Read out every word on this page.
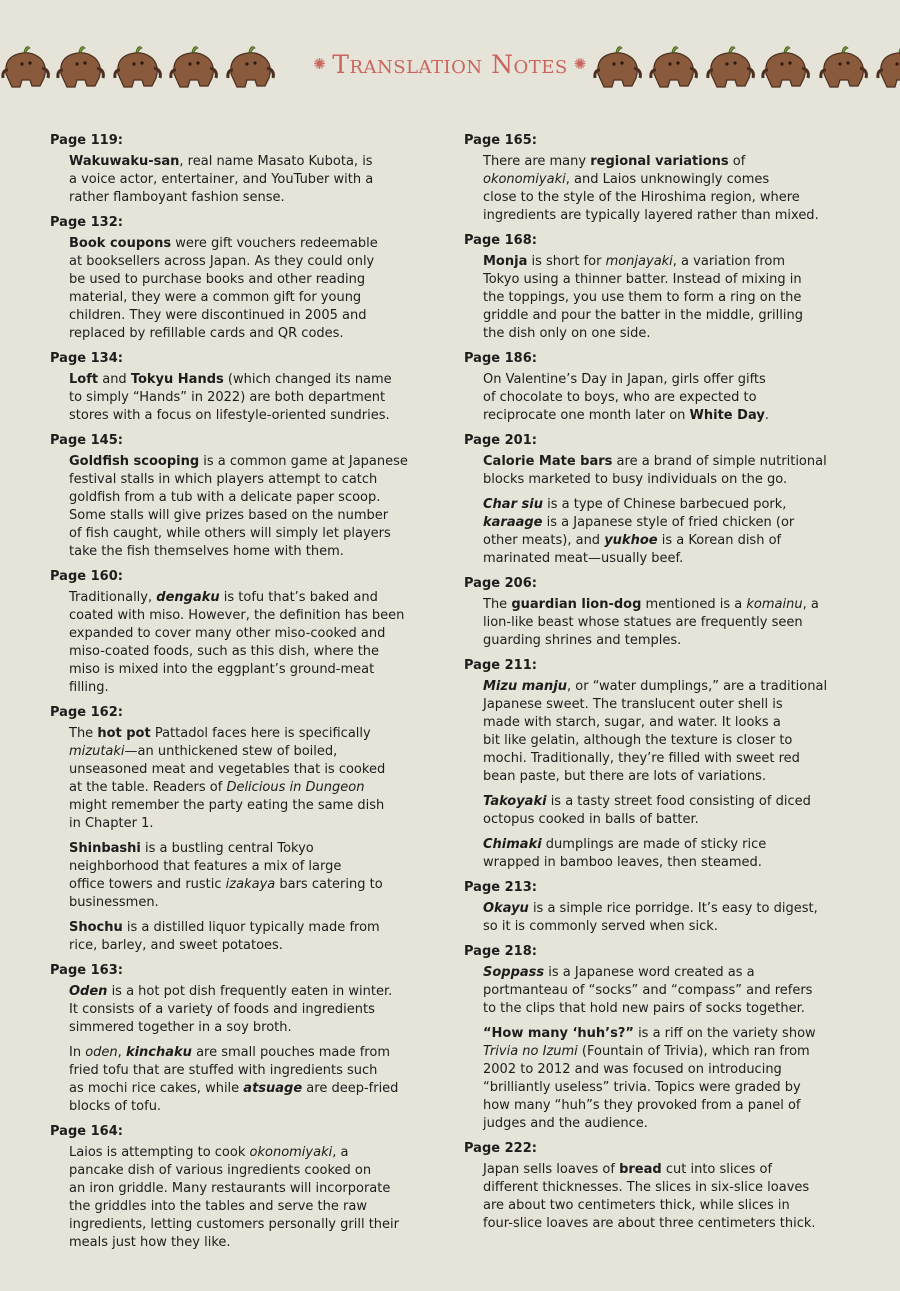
✺ Translation Notes ✺
Page 119:
Wakuwaku-san, real name Masato Kubota, is
a voice actor, entertainer, and YouTuber with a
rather flamboyant fashion sense.
Page 132:
Book coupons were gift vouchers redeemable
at booksellers across Japan. As they could only
be used to purchase books and other reading
material, they were a common gift for young
children. They were discontinued in 2005 and
replaced by refillable cards and QR codes.
Page 134:
Loft and Tokyu Hands (which changed its name
to simply “Hands” in 2022) are both department
stores with a focus on lifestyle-oriented sundries.
Page 145:
Goldfish scooping is a common game at Japanese
festival stalls in which players attempt to catch
goldfish from a tub with a delicate paper scoop.
Some stalls will give prizes based on the number
of fish caught, while others will simply let players
take the fish themselves home with them.
Page 160:
Traditionally, dengaku is tofu that’s baked and
coated with miso. However, the definition has been
expanded to cover many other miso-cooked and
miso-coated foods, such as this dish, where the
miso is mixed into the eggplant’s ground-meat
filling.
Page 162:
The hot pot Pattadol faces here is specifically
mizutaki—an unthickened stew of boiled,
unseasoned meat and vegetables that is cooked
at the table. Readers of Delicious in Dungeon
might remember the party eating the same dish
in Chapter 1.
Shinbashi is a bustling central Tokyo
neighborhood that features a mix of large
office towers and rustic izakaya bars catering to
businessmen.
Shochu is a distilled liquor typically made from
rice, barley, and sweet potatoes.
Page 163:
Oden is a hot pot dish frequently eaten in winter.
It consists of a variety of foods and ingredients
simmered together in a soy broth.
In oden, kinchaku are small pouches made from
fried tofu that are stuffed with ingredients such
as mochi rice cakes, while atsuage are deep-fried
blocks of tofu.
Page 164:
Laios is attempting to cook okonomiyaki, a
pancake dish of various ingredients cooked on
an iron griddle. Many restaurants will incorporate
the griddles into the tables and serve the raw
ingredients, letting customers personally grill their
meals just how they like.
Page 165:
There are many regional variations of
okonomiyaki, and Laios unknowingly comes
close to the style of the Hiroshima region, where
ingredients are typically layered rather than mixed.
Page 168:
Monja is short for monjayaki, a variation from
Tokyo using a thinner batter. Instead of mixing in
the toppings, you use them to form a ring on the
griddle and pour the batter in the middle, grilling
the dish only on one side.
Page 186:
On Valentine’s Day in Japan, girls offer gifts
of chocolate to boys, who are expected to
reciprocate one month later on White Day.
Page 201:
Calorie Mate bars are a brand of simple nutritional
blocks marketed to busy individuals on the go.
Char siu is a type of Chinese barbecued pork,
karaage is a Japanese style of fried chicken (or
other meats), and yukhoe is a Korean dish of
marinated meat—usually beef.
Page 206:
The guardian lion-dog mentioned is a komainu, a
lion-like beast whose statues are frequently seen
guarding shrines and temples.
Page 211:
Mizu manju, or “water dumplings,” are a traditional
Japanese sweet. The translucent outer shell is
made with starch, sugar, and water. It looks a
bit like gelatin, although the texture is closer to
mochi. Traditionally, they’re filled with sweet red
bean paste, but there are lots of variations.
Takoyaki is a tasty street food consisting of diced
octopus cooked in balls of batter.
Chimaki dumplings are made of sticky rice
wrapped in bamboo leaves, then steamed.
Page 213:
Okayu is a simple rice porridge. It’s easy to digest,
so it is commonly served when sick.
Page 218:
Soppass is a Japanese word created as a
portmanteau of “socks” and “compass” and refers
to the clips that hold new pairs of socks together.
“How many ‘huh’s?” is a riff on the variety show
Trivia no Izumi (Fountain of Trivia), which ran from
2002 to 2012 and was focused on introducing
“brilliantly useless” trivia. Topics were graded by
how many “huh”s they provoked from a panel of
judges and the audience.
Page 222:
Japan sells loaves of bread cut into slices of
different thicknesses. The slices in six-slice loaves
are about two centimeters thick, while slices in
four-slice loaves are about three centimeters thick.
